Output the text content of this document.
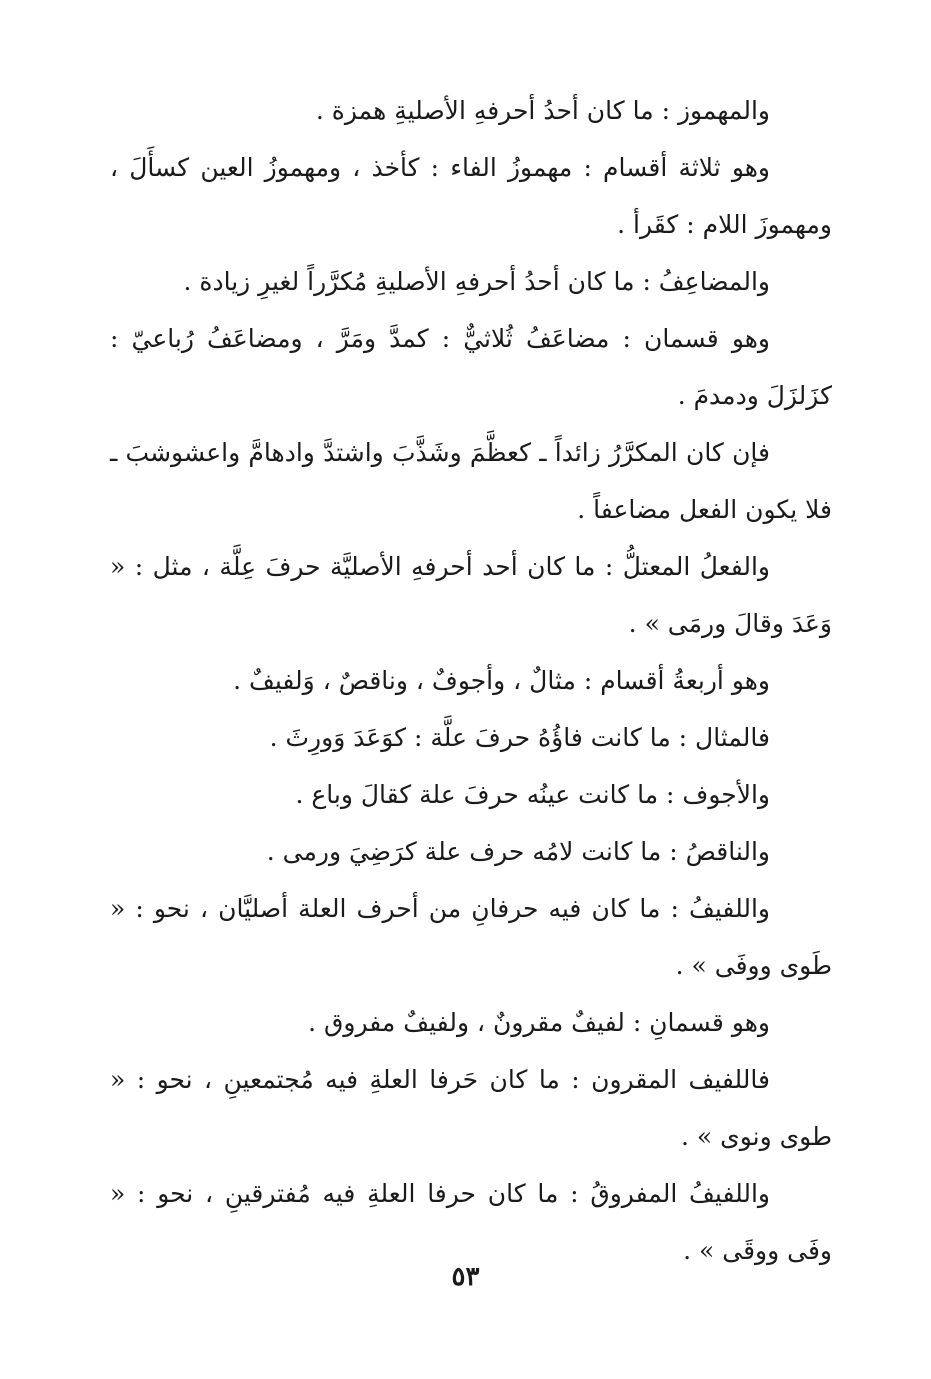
والمهموز : ما كان أحدُ أحرفهِ الأصليةِ همزة .

وهو ثلاثة أقسام : مهموزُ الفاء : كأخذ ، ومهموزُ العين كسأَلَ ، ومهموزَ اللام : كقَرأ .

والمضاعِفُ : ما كان أحدُ أحرفهِ الأصليةِ مُكرَّراً لغيرِ زيادة .

وهو قسمان : مضاعَفُ ثُلاثيٌّ : كمدَّ ومَرَّ ، ومضاعَفُ رُباعيّ : كزَلزَلَ ودمدمَ .

فإن كان المكرَّرُ زائداً ـ كعظَّمَ وشَذَّبَ واشتدَّ وادهامَّ واعشوشبَ ـ فلا يكون الفعل مضاعفاً .

والفعلُ المعتلُّ : ما كان أحد أحرفهِ الأصليَّة حرفَ عِلَّة ، مثل : « وَعَدَ وقالَ ورمَى » .

وهو أربعةُ أقسام : مثالٌ ، وأجوفٌ ، وناقصٌ ، وَلفيفٌ .

فالمثال : ما كانت فاؤُهُ حرفَ علَّة : كوَعَدَ وَورِثَ .

والأجوف : ما كانت عينُه حرفَ علة كقالَ وباع .

والناقصُ : ما كانت لامُه حرف علة كرَضِيَ ورمى .

واللفيفُ : ما كان فيه حرفانِ من أحرف العلة أصليَّان ، نحو : « طَوى ووفَى » .

وهو قسمانِ : لفيفٌ مقرونٌ ، ولفيفٌ مفروق .

فاللفيف المقرون : ما كان حَرفا العلةِ فيه مُجتمعينِ ، نحو : « طوى ونوى » .

واللفيفُ المفروقُ : ما كان حرفا العلةِ فيه مُفترقينِ ، نحو : « وفَى ووقَى » .

٥٣
